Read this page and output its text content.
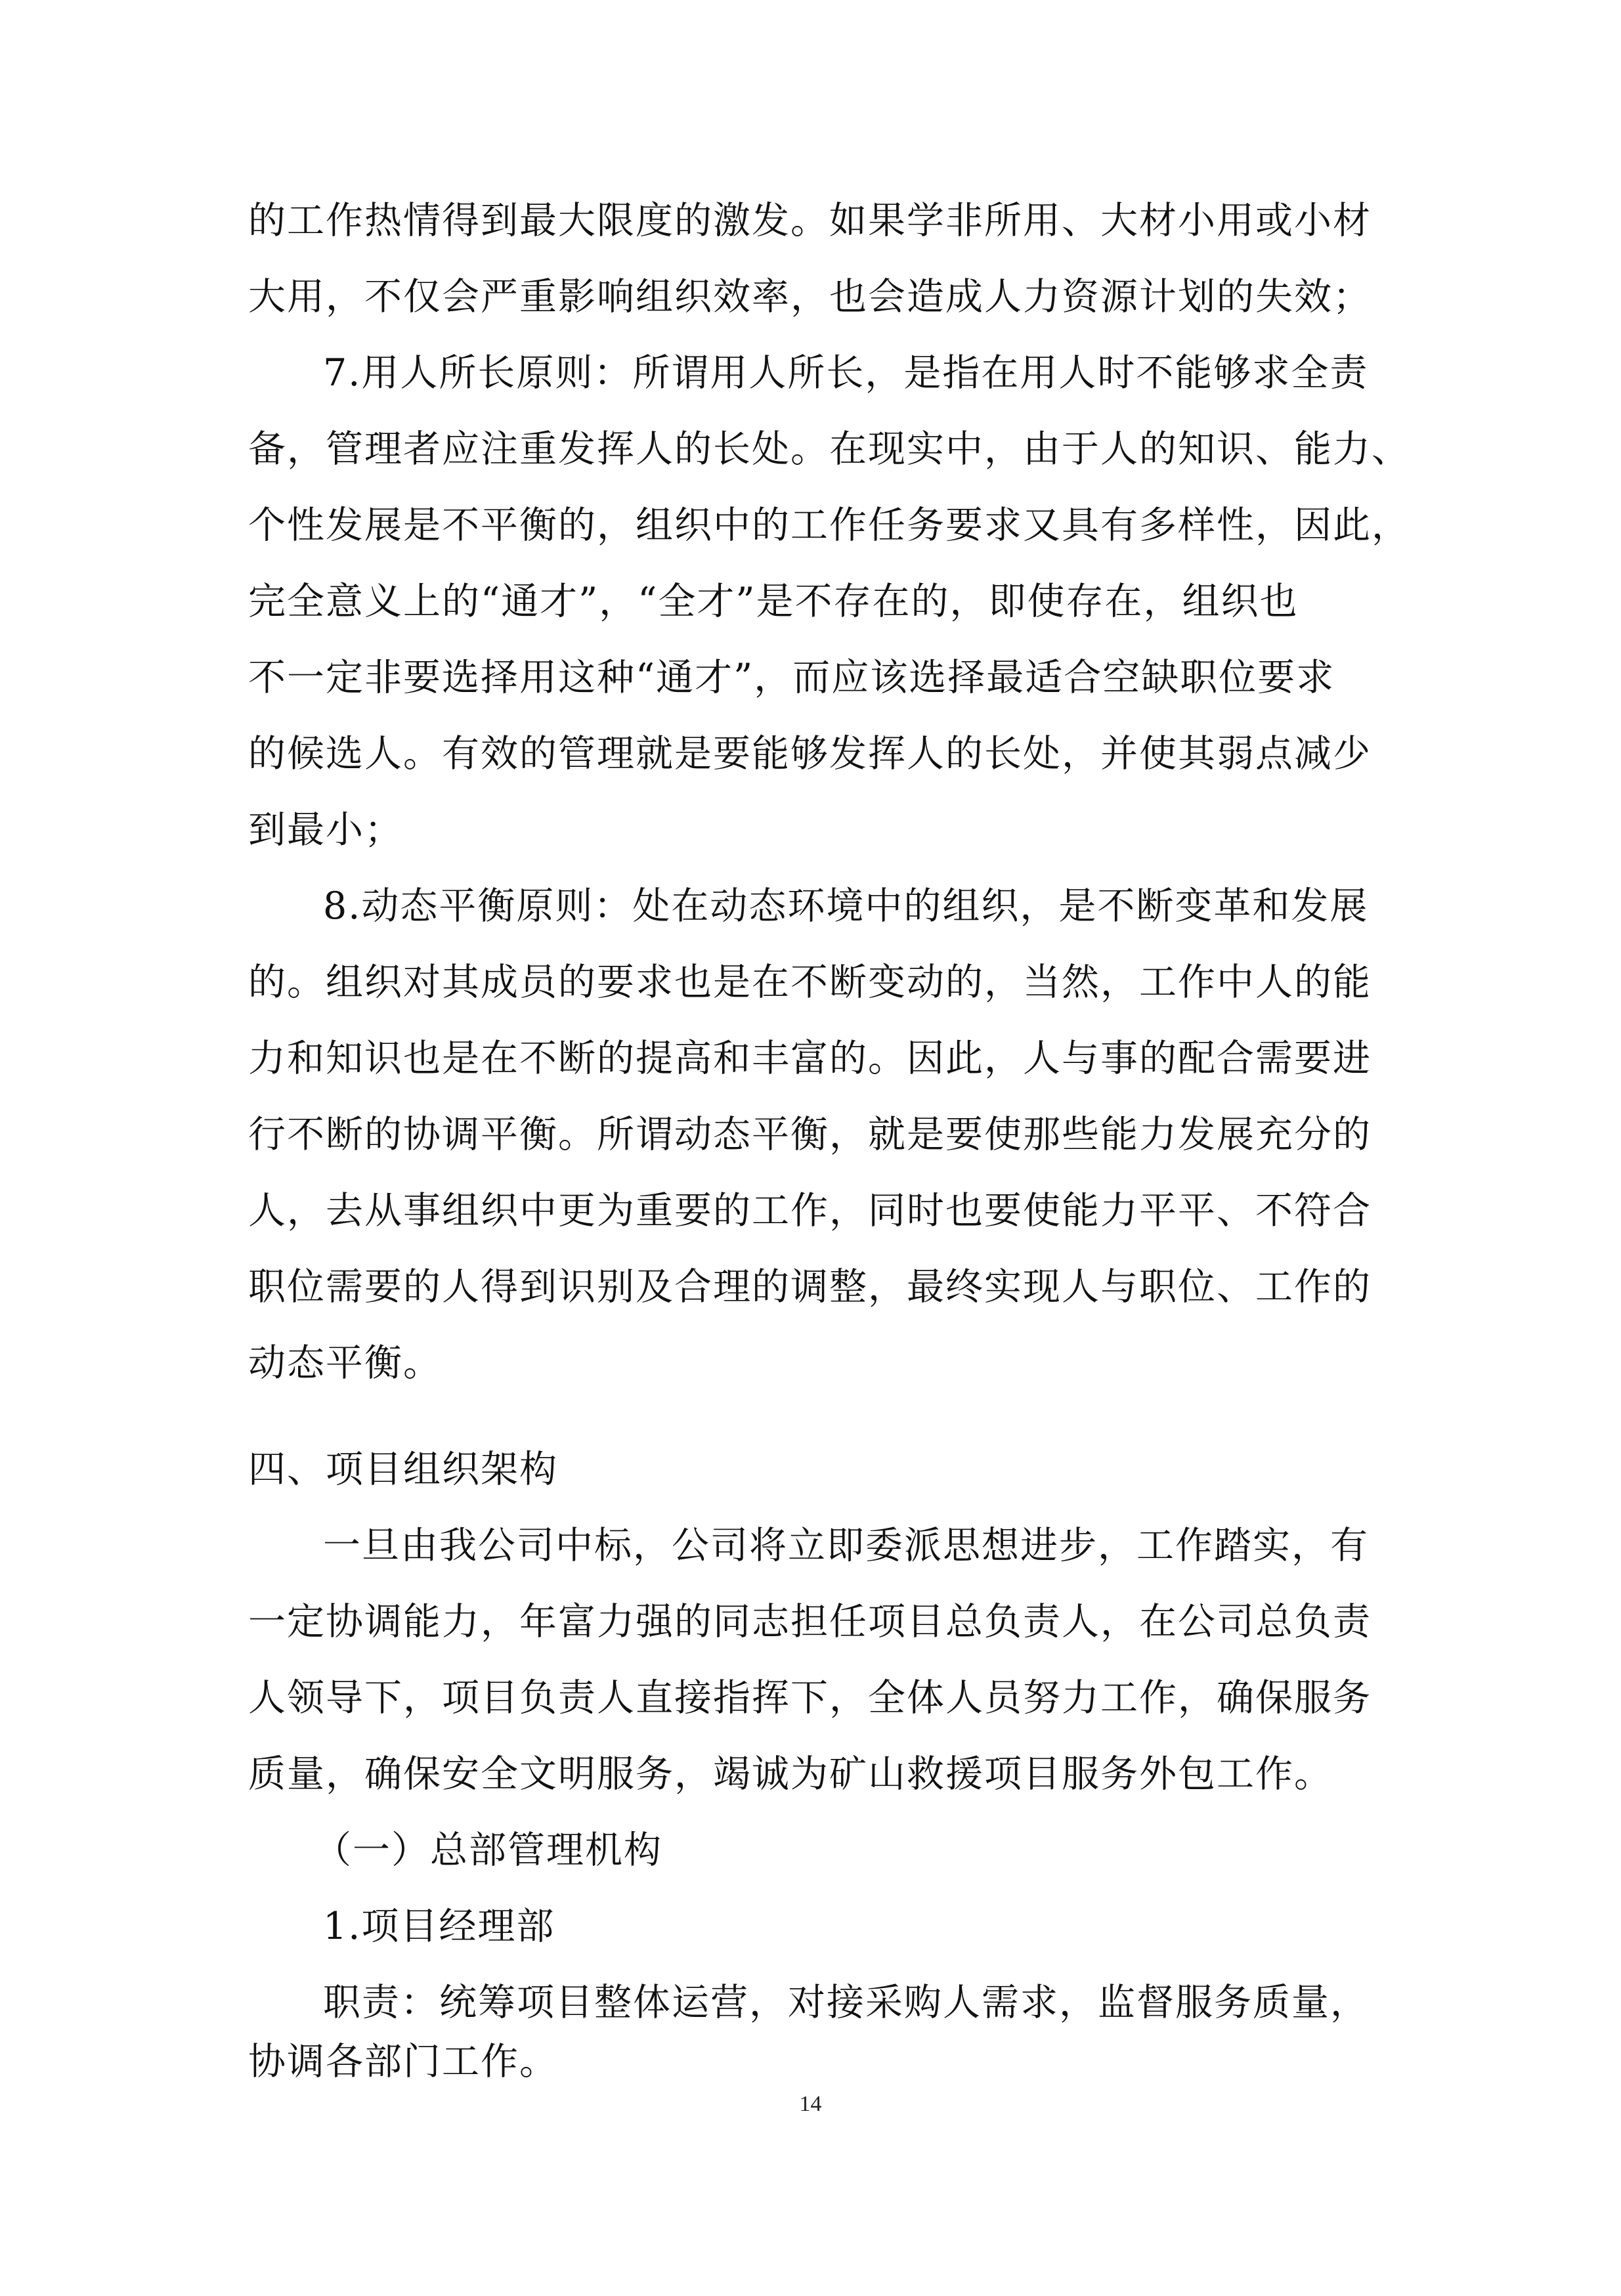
的工作热情得到最大限度的激发。如果学非所用、大材小用或小材
大用，不仅会严重影响组织效率，也会造成人力资源计划的失效；
7.用人所长原则：所谓用人所长，是指在用人时不能够求全责
备，管理者应注重发挥人的长处。在现实中，由于人的知识、能力、
个性发展是不平衡的，组织中的工作任务要求又具有多样性，因此，
完全意义上的“通才”，“全才”是不存在的，即使存在，组织也
不一定非要选择用这种“通才”，而应该选择最适合空缺职位要求
的候选人。有效的管理就是要能够发挥人的长处，并使其弱点减少
到最小；
8.动态平衡原则：处在动态环境中的组织，是不断变革和发展
的。组织对其成员的要求也是在不断变动的，当然，工作中人的能
力和知识也是在不断的提高和丰富的。因此，人与事的配合需要进
行不断的协调平衡。所谓动态平衡，就是要使那些能力发展充分的
人，去从事组织中更为重要的工作，同时也要使能力平平、不符合
职位需要的人得到识别及合理的调整，最终实现人与职位、工作的
动态平衡。
四、项目组织架构
一旦由我公司中标，公司将立即委派思想进步，工作踏实，有
一定协调能力，年富力强的同志担任项目总负责人，在公司总负责
人领导下，项目负责人直接指挥下，全体人员努力工作，确保服务
质量，确保安全文明服务，竭诚为矿山救援项目服务外包工作。
（一）总部管理机构
1.项目经理部
职责：统筹项目整体运营，对接采购人需求，监督服务质量，
协调各部门工作。
14
